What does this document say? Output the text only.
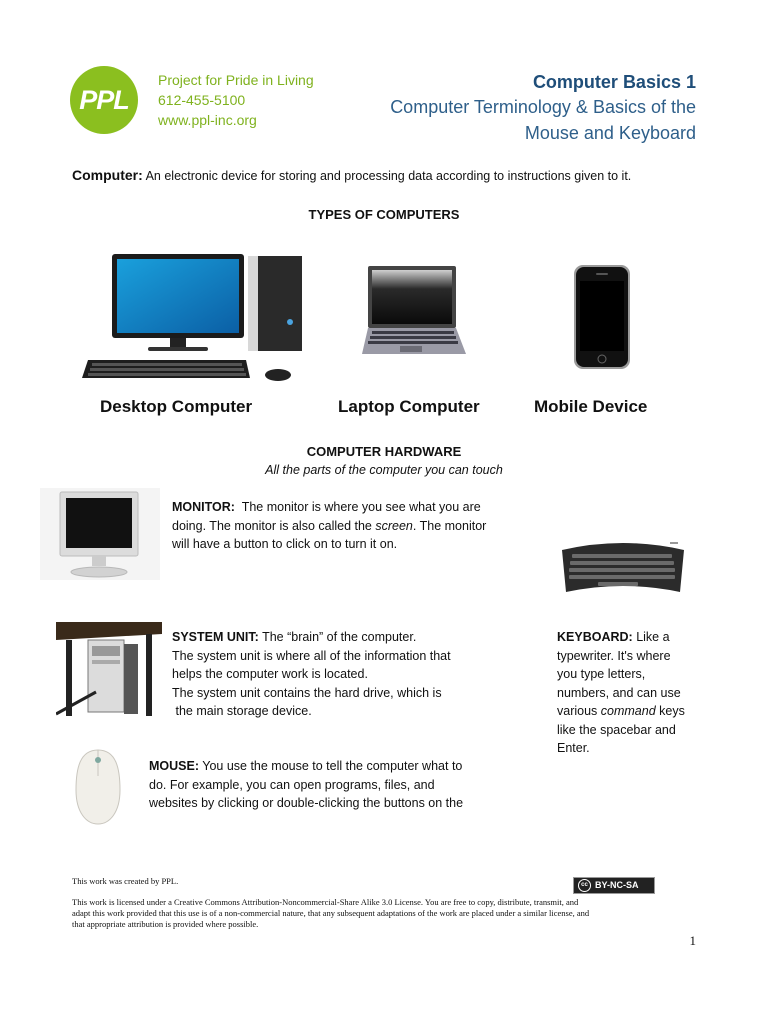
PPL
Project for Pride in Living
612-455-5100
www.ppl-inc.org
Computer Basics 1
Computer Terminology & Basics of the
Mouse and Keyboard
Computer: An electronic device for storing and processing data according to instructions given to it.
TYPES OF COMPUTERS
Desktop Computer	Laptop Computer	Mobile Device
COMPUTER HARDWARE
All the parts of the computer you can touch
MONITOR: The monitor is where you see what you are
doing. The monitor is also called the screen. The monitor
will have a button to click on to turn it on.
SYSTEM UNIT: The “brain” of the computer.
The system unit is where all of the information that
helps the computer work is located.
The system unit contains the hard drive, which is
the main storage device.
KEYBOARD: Like a
typewriter. It's where
you type letters,
numbers, and can use
various command keys
like the spacebar and
Enter.
MOUSE: You use the mouse to tell the computer what to
do. For example, you can open programs, files, and
websites by clicking or double-clicking the buttons on the
This work was created by PPL.	cc BY-NC-SA
This work is licensed under a Creative Commons Attribution-Noncommercial-Share Alike 3.0 License. You are free to copy, distribute, transmit, and
adapt this work provided that this use is of a non-commercial nature, that any subsequent adaptations of the work are placed under a similar license, and
that appropriate attribution is provided where possible.
1
